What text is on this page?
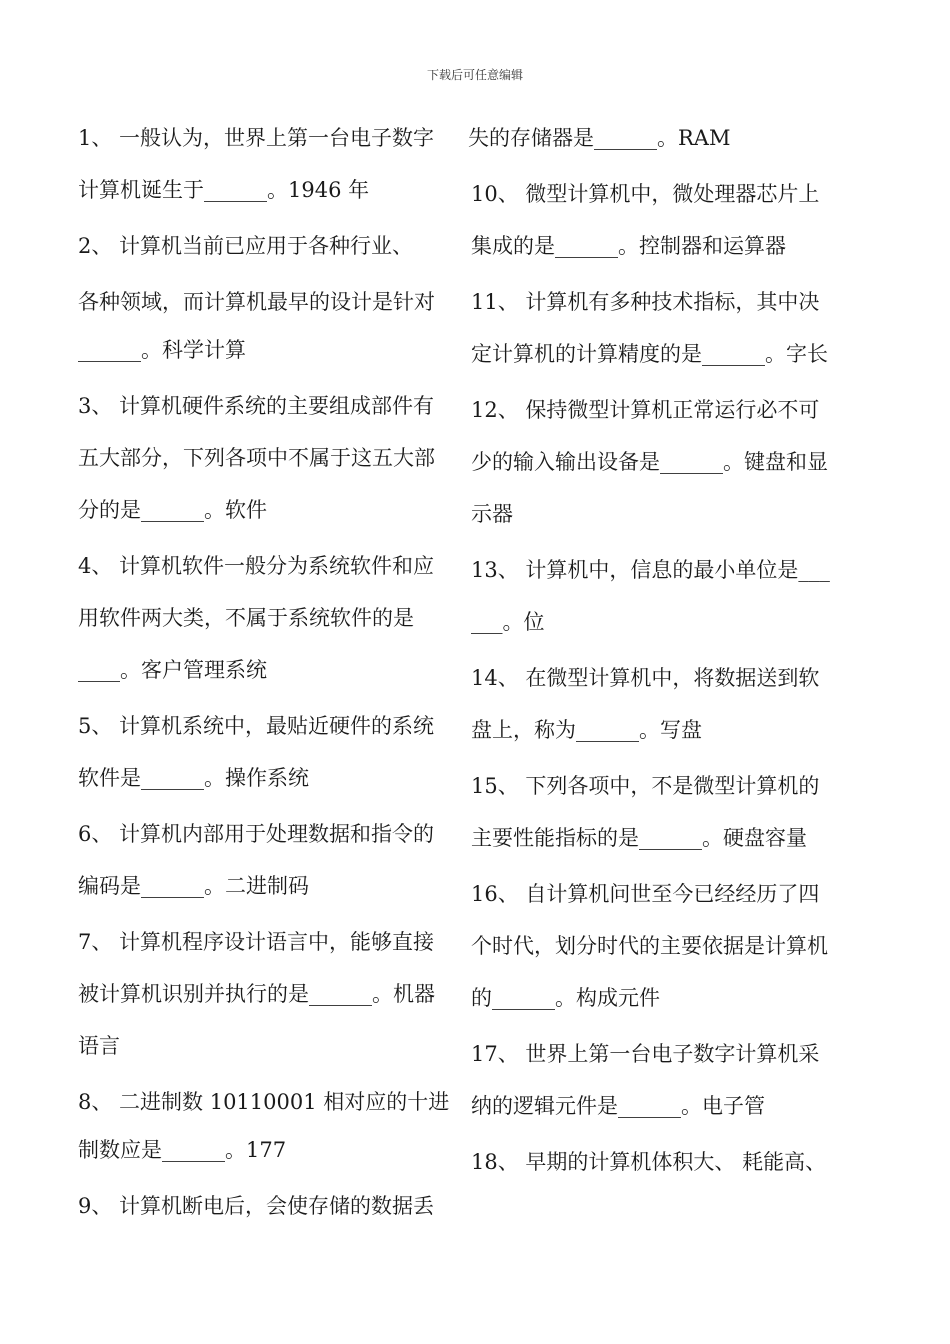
下载后可任意编辑
1、 一般认为，世界上第一台电子数字
计算机诞生于______。1946 年
2、 计算机当前已应用于各种行业、
各种领域，而计算机最早的设计是针对
______。科学计算
3、 计算机硬件系统的主要组成部件有
五大部分，下列各项中不属于这五大部
分的是______。软件
4、 计算机软件一般分为系统软件和应
用软件两大类，不属于系统软件的是
____。客户管理系统
5、 计算机系统中，最贴近硬件的系统
软件是______。操作系统
6、 计算机内部用于处理数据和指令的
编码是______。二进制码
7、 计算机程序设计语言中，能够直接
被计算机识别并执行的是______。机器
语言
8、 二进制数 10110001 相对应的十进
制数应是______。177
9、 计算机断电后，会使存储的数据丢
失的存储器是______。RAM
10、 微型计算机中，微处理器芯片上
集成的是______。控制器和运算器
11、 计算机有多种技术指标，其中决
定计算机的计算精度的是______。字长
12、 保持微型计算机正常运行必不可
少的输入输出设备是______。键盘和显
示器
13、 计算机中，信息的最小单位是___
___。位
14、 在微型计算机中，将数据送到软
盘上，称为______。写盘
15、 下列各项中，不是微型计算机的
主要性能指标的是______。硬盘容量
16、 自计算机问世至今已经经历了四
个时代，划分时代的主要依据是计算机
的______。构成元件
17、 世界上第一台电子数字计算机采
纳的逻辑元件是______。电子管
18、 早期的计算机体积大、 耗能高、
